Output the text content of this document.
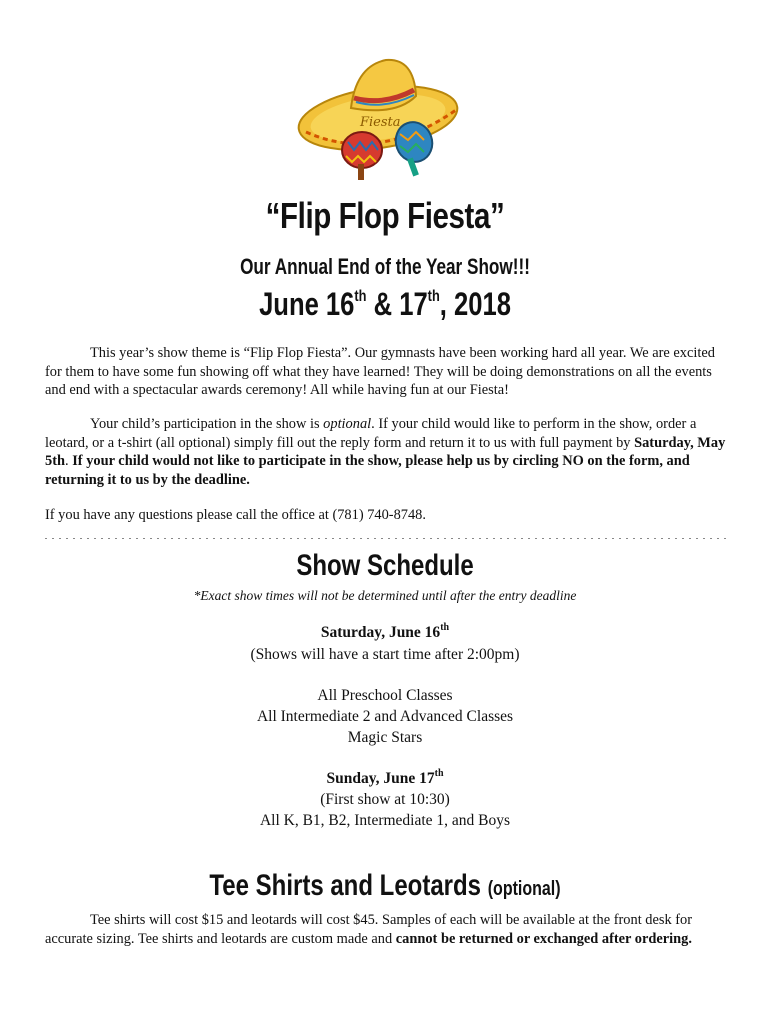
Fiesta
“Flip Flop Fiesta”
Our Annual End of the Year Show!!!
June 16th & 17th, 2018
This year’s show theme is “Flip Flop Fiesta”. Our gymnasts have been working hard all year. We are excited for them to have some fun showing off what they have learned! They will be doing demonstrations on all the events and end with a spectacular awards ceremony! All while having fun at our Fiesta!
Your child’s participation in the show is optional. If your child would like to perform in the show, order a leotard, or a t-shirt (all optional) simply fill out the reply form and return it to us with full payment by Saturday, May 5th. If your child would not like to participate in the show, please help us by circling NO on the form, and returning it to us by the deadline.
If you have any questions please call the office at (781) 740-8748.
Show Schedule
*Exact show times will not be determined until after the entry deadline
Saturday, June 16th
(Shows will have a start time after 2:00pm)
All Preschool Classes
All Intermediate 2 and Advanced Classes
Magic Stars
Sunday, June 17th
(First show at 10:30)
All K, B1, B2, Intermediate 1, and Boys
Tee Shirts and Leotards (optional)
Tee shirts will cost $15 and leotards will cost $45. Samples of each will be available at the front desk for accurate sizing. Tee shirts and leotards are custom made and cannot be returned or exchanged after ordering.
